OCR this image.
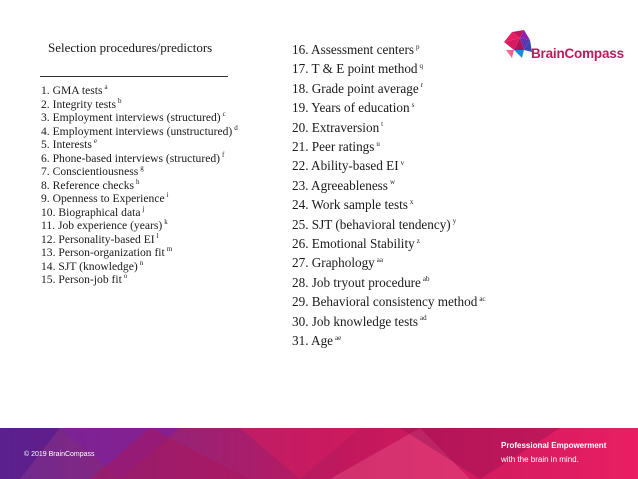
Selection procedures/predictors
1. GMA tests $^a$
2. Integrity tests $^b$
3. Employment interviews (structured) $^c$
4. Employment interviews (unstructured) $^d$
5. Interests $^e$
6. Phone-based interviews (structured) $^f$
7. Conscientiousness $^g$
8. Reference checks $^h$
9. Openness to Experience $^i$
10. Biographical data $^j$
11. Job experience (years) $^k$
12. Personality-based EI $^l$
13. Person-organization fit $^m$
14. SJT (knowledge) $^n$
15. Person-job fit $^o$
16. Assessment centers $^p$
17. T & E point method $^q$
18. Grade point average $^r$
19. Years of education $^s$
20. Extraversion $^t$
21. Peer ratings $^u$
22. Ability-based EI $^v$
23. Agreeableness $^w$
24. Work sample tests $^x$
25. SJT (behavioral tendency) $^y$
26. Emotional Stability $^z$
27. Graphology $^{aa}$
28. Job tryout procedure $^{ab}$
29. Behavioral consistency method $^{ac}$
30. Job knowledge tests $^{ad}$
31. Age $^{ae}$
BrainCompass
© 2019 BrainCompass
Professional Empowerment
with the brain in mind.
